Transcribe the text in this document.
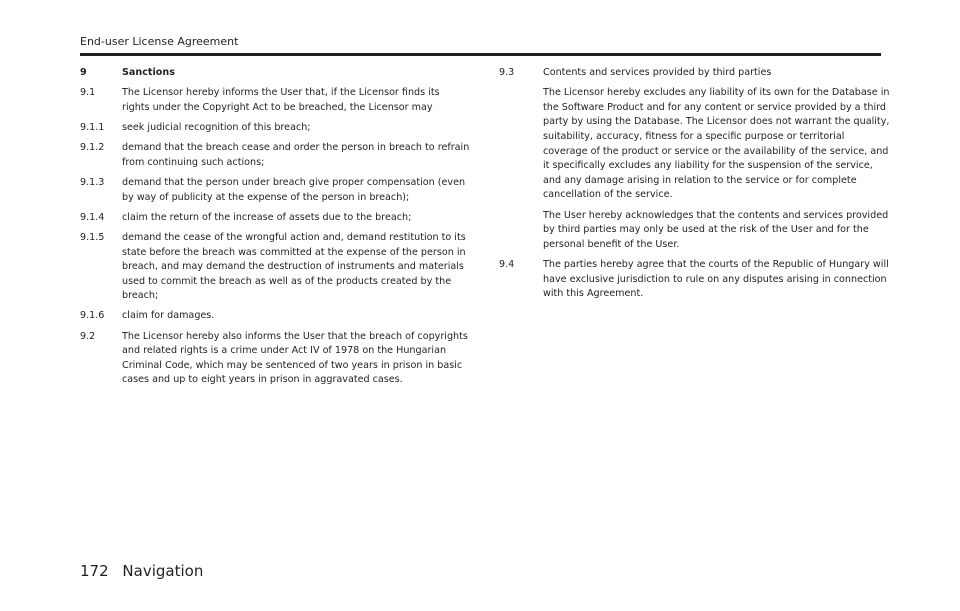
End-user License Agreement
9	Sanctions
9.1	The Licensor hereby informs the User that, if the Licensor finds its rights under the Copyright Act to be breached, the Licensor may
9.1.1	seek judicial recognition of this breach;
9.1.2	demand that the breach cease and order the person in breach to refrain from continuing such actions;
9.1.3	demand that the person under breach give proper compensation (even by way of publicity at the expense of the person in breach);
9.1.4	claim the return of the increase of assets due to the breach;
9.1.5	demand the cease of the wrongful action and, demand restitution to its state before the breach was committed at the expense of the person in breach, and may demand the destruction of instruments and materials used to commit the breach as well as of the products created by the breach;
9.1.6	claim for damages.
9.2	The Licensor hereby also informs the User that the breach of copyrights and related rights is a crime under Act IV of 1978 on the Hungarian Criminal Code, which may be sentenced of two years in prison in basic cases and up to eight years in prison in aggravated cases.
9.3	Contents and services provided by third parties
The Licensor hereby excludes any liability of its own for the Database in the Software Product and for any content or service provided by a third party by using the Database. The Licensor does not warrant the quality, suitability, accuracy, fitness for a specific purpose or territorial coverage of the product or service or the availability of the service, and it specifically excludes any liability for the suspension of the service, and any damage arising in relation to the service or for complete cancellation of the service.
The User hereby acknowledges that the contents and services provided by third parties may only be used at the risk of the User and for the personal benefit of the User.
9.4	The parties hereby agree that the courts of the Republic of Hungary will have exclusive jurisdiction to rule on any disputes arising in connection with this Agreement.
172 Navigation
